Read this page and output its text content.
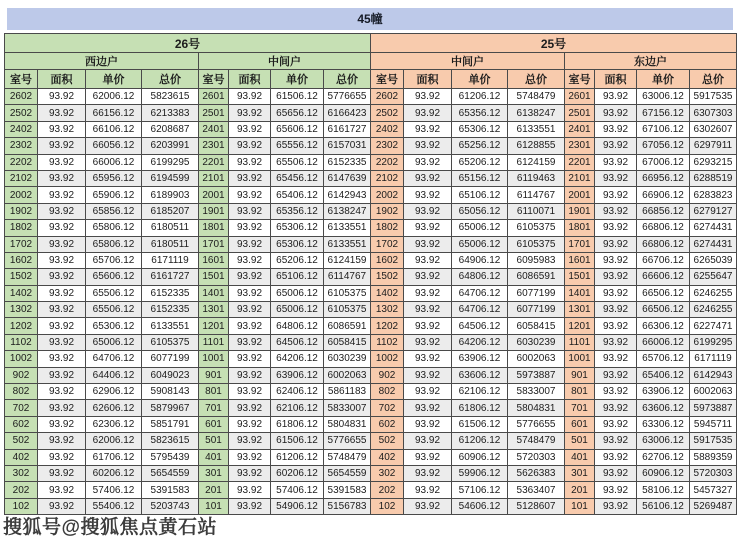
45幢
26号							
西边户				中间户			
室号	面积	单价	总价	室号	面积	单价	总价
2602	93.92	62006.12	5823615	2601	93.92	61506.12	5776655
2502	93.92	66156.12	6213383	2501	93.92	65656.12	6166423
2402	93.92	66106.12	6208687	2401	93.92	65606.12	6161727
2302	93.92	66056.12	6203991	2301	93.92	65556.12	6157031
2202	93.92	66006.12	6199295	2201	93.92	65506.12	6152335
2102	93.92	65956.12	6194599	2101	93.92	65456.12	6147639
2002	93.92	65906.12	6189903	2001	93.92	65406.12	6142943
1902	93.92	65856.12	6185207	1901	93.92	65356.12	6138247
1802	93.92	65806.12	6180511	1801	93.92	65306.12	6133551
1702	93.92	65806.12	6180511	1701	93.92	65306.12	6133551
1602	93.92	65706.12	6171119	1601	93.92	65206.12	6124159
1502	93.92	65606.12	6161727	1501	93.92	65106.12	6114767
1402	93.92	65506.12	6152335	1401	93.92	65006.12	6105375
1302	93.92	65506.12	6152335	1301	93.92	65006.12	6105375
1202	93.92	65306.12	6133551	1201	93.92	64806.12	6086591
1102	93.92	65006.12	6105375	1101	93.92	64506.12	6058415
1002	93.92	64706.12	6077199	1001	93.92	64206.12	6030239
902	93.92	64406.12	6049023	901	93.92	63906.12	6002063
802	93.92	62906.12	5908143	801	93.92	62406.12	5861183
702	93.92	62606.12	5879967	701	93.92	62106.12	5833007
602	93.92	62306.12	5851791	601	93.92	61806.12	5804831
502	93.92	62006.12	5823615	501	93.92	61506.12	5776655
402	93.92	61706.12	5795439	401	93.92	61206.12	5748479
302	93.92	60206.12	5654559	301	93.92	60206.12	5654559
202	93.92	57406.12	5391583	201	93.92	57406.12	5391583
102	93.92	55406.12	5203743	101	93.92	54906.12	5156783
25号							
中间户				东边户			
室号	面积	单价	总价	室号	面积	单价	总价
2602	93.92	61206.12	5748479	2601	93.92	63006.12	5917535
2502	93.92	65356.12	6138247	2501	93.92	67156.12	6307303
2402	93.92	65306.12	6133551	2401	93.92	67106.12	6302607
2302	93.92	65256.12	6128855	2301	93.92	67056.12	6297911
2202	93.92	65206.12	6124159	2201	93.92	67006.12	6293215
2102	93.92	65156.12	6119463	2101	93.92	66956.12	6288519
2002	93.92	65106.12	6114767	2001	93.92	66906.12	6283823
1902	93.92	65056.12	6110071	1901	93.92	66856.12	6279127
1802	93.92	65006.12	6105375	1801	93.92	66806.12	6274431
1702	93.92	65006.12	6105375	1701	93.92	66806.12	6274431
1602	93.92	64906.12	6095983	1601	93.92	66706.12	6265039
1502	93.92	64806.12	6086591	1501	93.92	66606.12	6255647
1402	93.92	64706.12	6077199	1401	93.92	66506.12	6246255
1302	93.92	64706.12	6077199	1301	93.92	66506.12	6246255
1202	93.92	64506.12	6058415	1201	93.92	66306.12	6227471
1102	93.92	64206.12	6030239	1101	93.92	66006.12	6199295
1002	93.92	63906.12	6002063	1001	93.92	65706.12	6171119
902	93.92	63606.12	5973887	901	93.92	65406.12	6142943
802	93.92	62106.12	5833007	801	93.92	63906.12	6002063
702	93.92	61806.12	5804831	701	93.92	63606.12	5973887
602	93.92	61506.12	5776655	601	93.92	63306.12	5945711
502	93.92	61206.12	5748479	501	93.92	63006.12	5917535
402	93.92	60906.12	5720303	401	93.92	62706.12	5889359
302	93.92	59906.12	5626383	301	93.92	60906.12	5720303
202	93.92	57106.12	5363407	201	93.92	58106.12	5457327
102	93.92	54606.12	5128607	101	93.92	56106.12	5269487
搜狐号@搜狐焦点黄石站
